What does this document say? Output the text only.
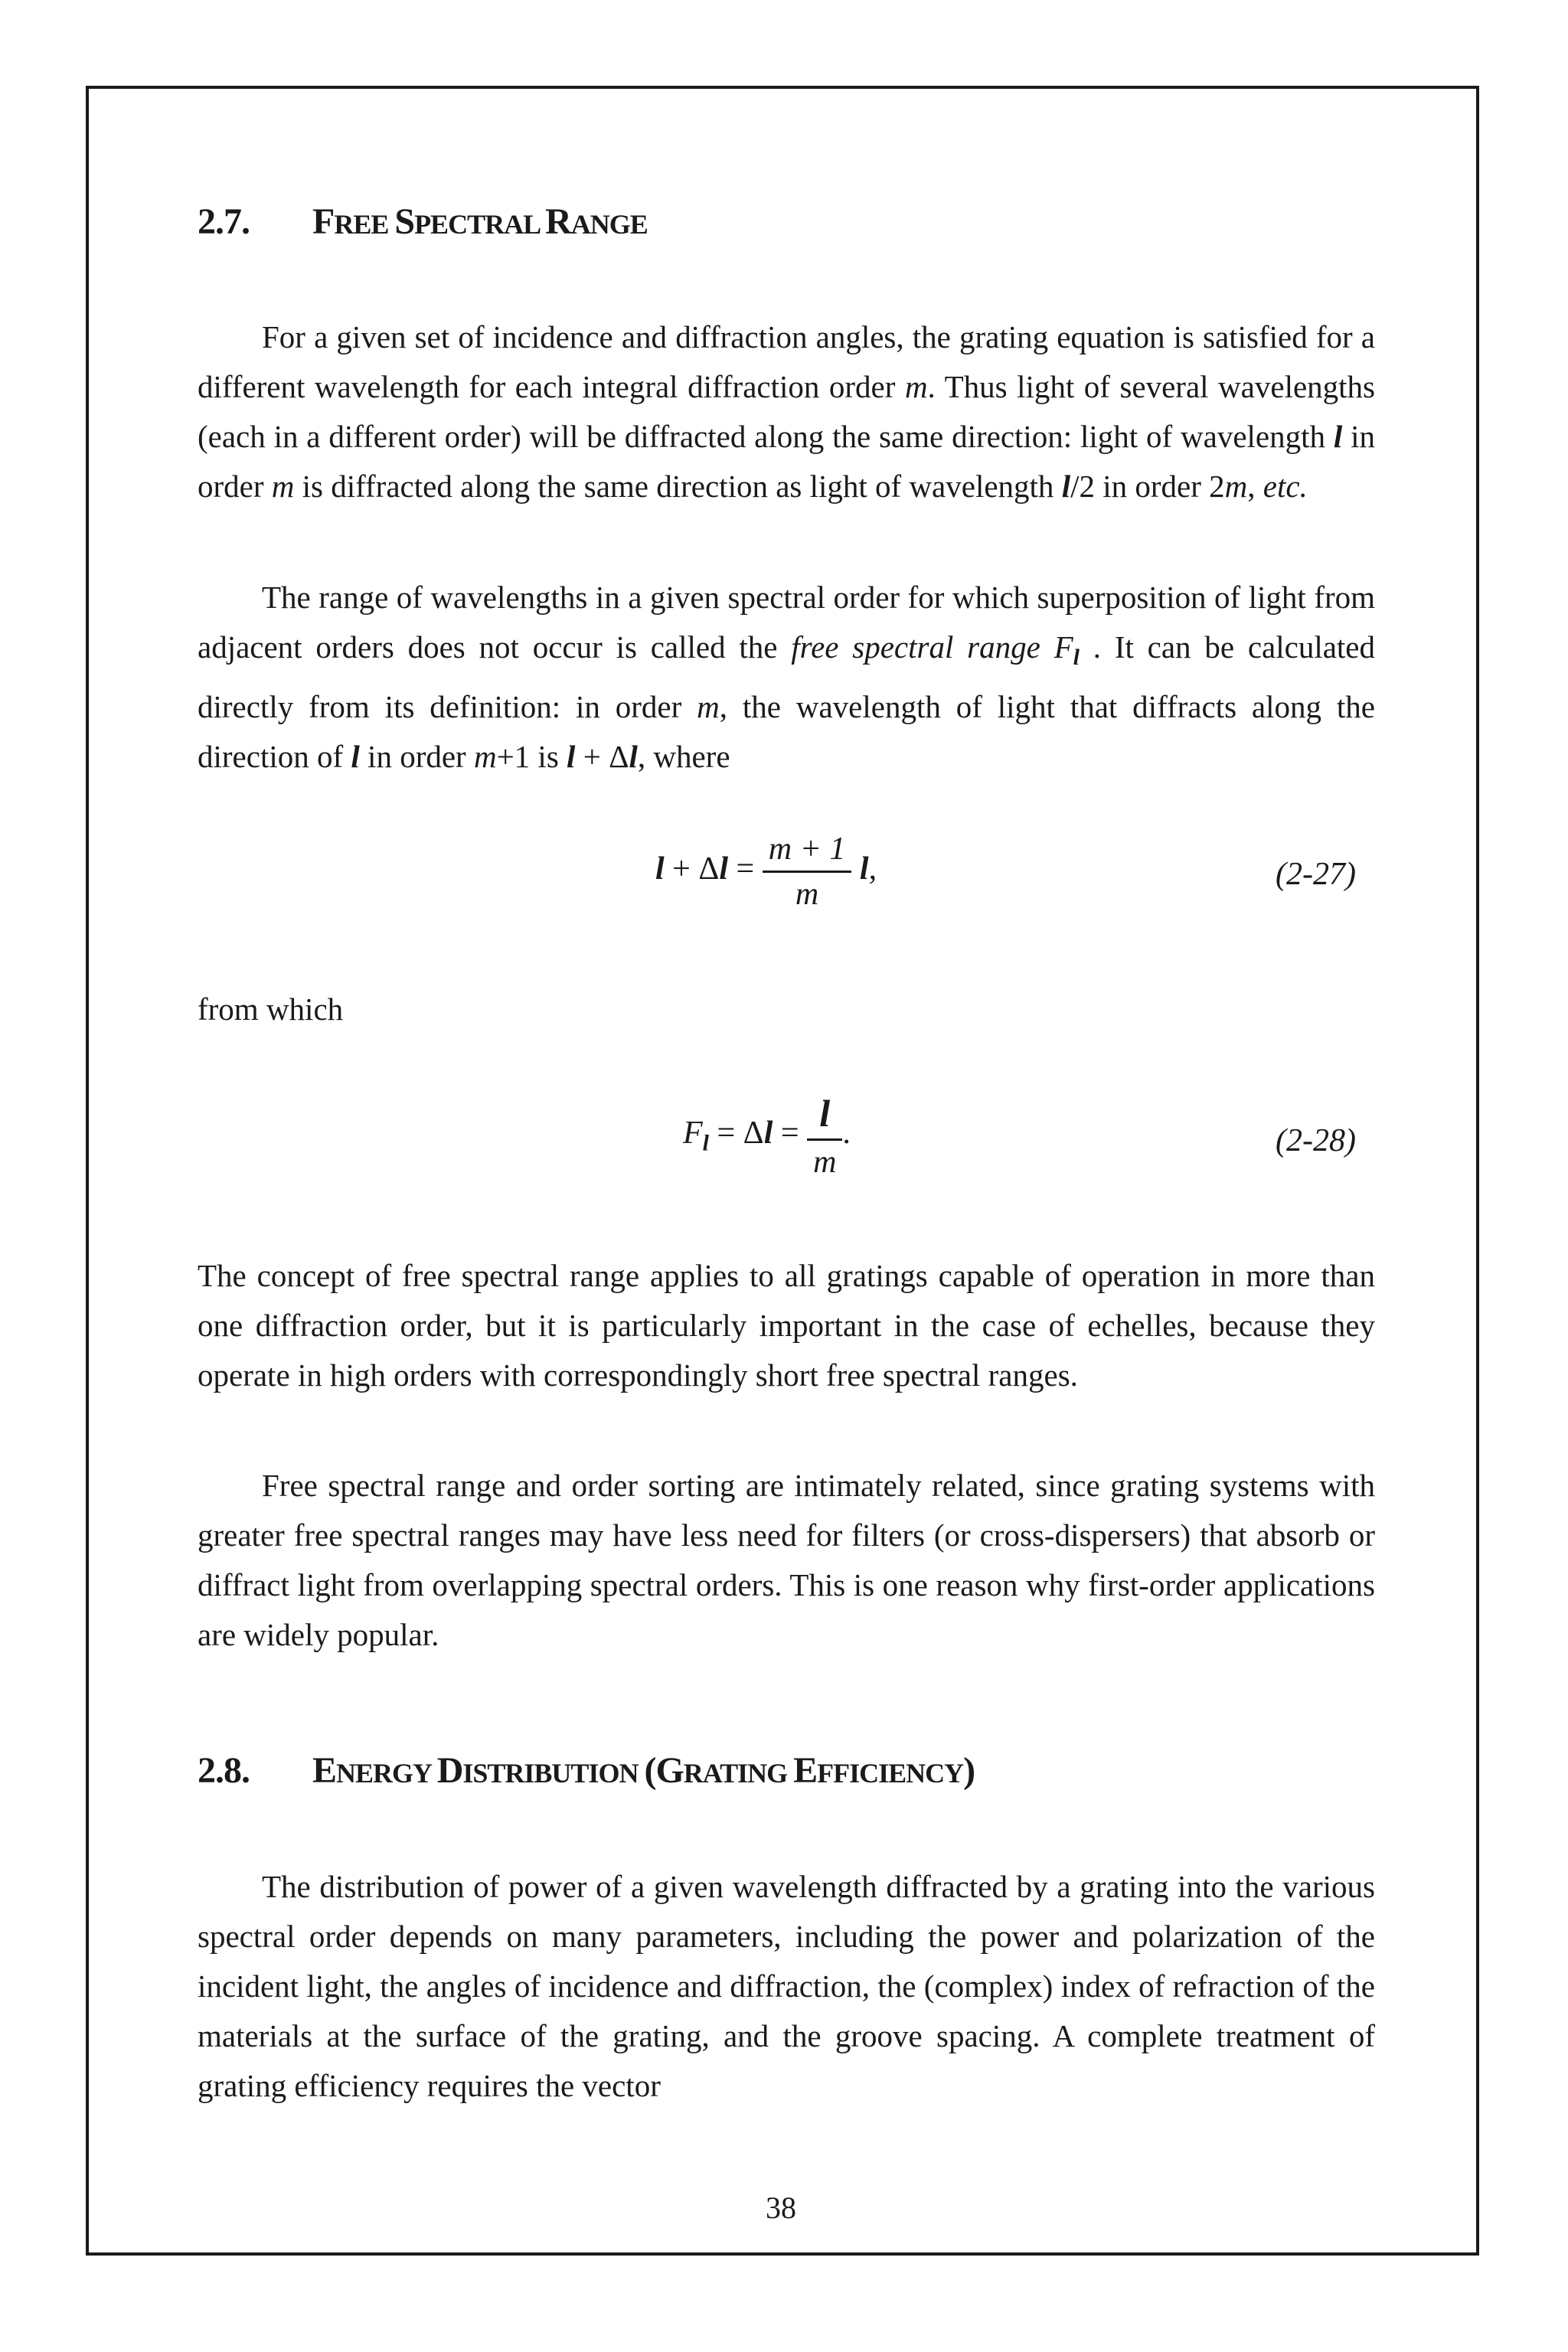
2.7. FREE SPECTRAL RANGE

For a given set of incidence and diffraction angles, the grating equation is satisfied for a different wavelength for each integral diffraction order m. Thus light of several wavelengths (each in a different order) will be diffracted along the same direction: light of wavelength l in order m is diffracted along the same direction as light of wavelength l/2 in order 2m, etc.

The range of wavelengths in a given spectral order for which superposition of light from adjacent orders does not occur is called the free spectral range $F_l$ . It can be calculated directly from its definition: in order m, the wavelength of light that diffracts along the direction of l in order m+1 is l + Δl, where

$l + \Delta l = \frac{m + 1}{m} l$,	(2-27)
from which
$F_l = \Delta l = \frac{l}{m}$ .	(2-28)

The concept of free spectral range applies to all gratings capable of operation in more than one diffraction order, but it is particularly important in the case of echelles, because they operate in high orders with correspondingly short free spectral ranges.

Free spectral range and order sorting are intimately related, since grating systems with greater free spectral ranges may have less need for filters (or cross-dispersers) that absorb or diffract light from overlapping spectral orders. This is one reason why first-order applications are widely popular.

2.8. ENERGY DISTRIBUTION (GRATING EFFICIENCY)

The distribution of power of a given wavelength diffracted by a grating into the various spectral order depends on many parameters, including the power and polarization of the incident light, the angles of incidence and diffraction, the (complex) index of refraction of the materials at the surface of the grating, and the groove spacing. A complete treatment of grating efficiency requires the vector

38
